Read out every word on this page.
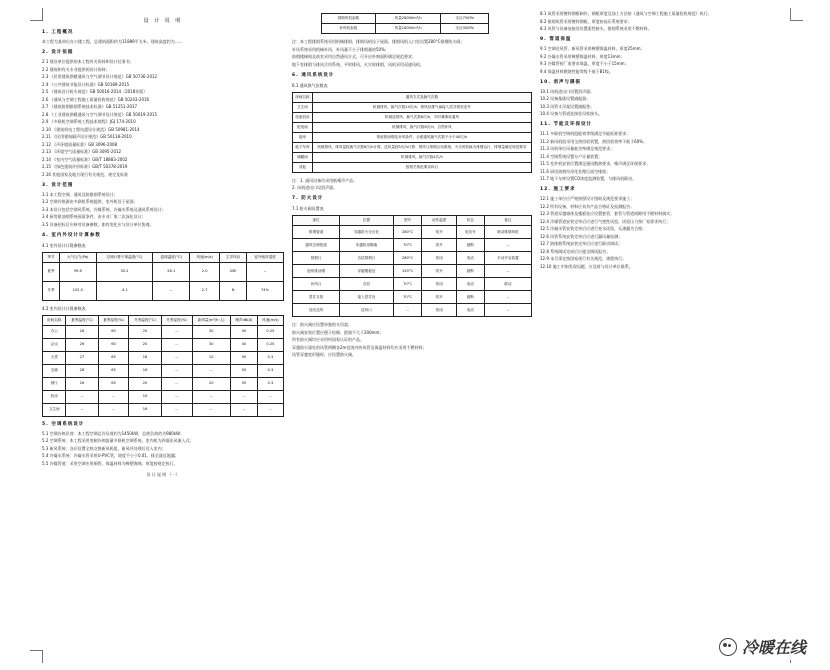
设 计 说 明
1. 工程概况
本工程为某单位办公楼工程，总建筑面积约为11889平方米，建筑高度约为……
2. 设计依据
2.1 建设单位提供的本工程有关资料和设计任务书；
2.2 建筑和有关专业提供的设计资料；
2.3 《民用建筑供暖通风与空气调节设计规范》GB 50736-2012
2.4 《公共建筑节能设计标准》GB 50189-2015
2.5 《建筑设计防火规范》GB 50016-2014（2018年版）
2.6 《通风与空调工程施工质量验收规范》GB 50243-2016
2.7 《建筑防烟排烟系统技术标准》GB 51251-2017
2.8 《工业建筑供暖通风与空气调节设计规范》GB 50019-2015
2.9 《多联机空调系统工程技术规程》JGJ 174-2010
2.10 《建筑机电工程抗震设计规范》GB 50981-2014
2.11 《民用建筑隔声设计规范》GB 50118-2010
2.12 《声环境质量标准》GB 3096-2008
2.13 《环境空气质量标准》GB 3095-2012
2.14 《室内空气质量标准》GB/T 18883-2002
2.15 《绿色建筑评价标准》GB/T 50378-2019
2.16 其他国家及地方现行有关规范、规定及标准
3. 设计范围
3.1 本工程空调、通风及防排烟系统设计；
3.2 空调冷热源由多联机系统提供，室外机设于屋面；
3.3 本设计包括空调风系统、冷媒系统、冷凝水系统及通风系统设计；
3.4 厨房排油烟系统预留条件，由专业厂家二次深化设计；
3.5 设备招标后应核对设备参数，如有变化应与设计单位协商。
4. 室内外设计计算参数
4.1 室外设计计算参数表
季节	大气压力(Pa)	空调计算干球温度(°C)	湿球温度(°C)	风速(m/s)	主导风向	室外相对湿度
夏季	99.8	35.2	28.1	2.0	SSE	--
冬季	102.0	-4.1	--	2.7	N	74%
4.2 室内设计计算参数表
房间名称	夏季温度(°C)	夏季湿度(%)	冬季温度(°C)	冬季湿度(%)	新风量(m³/h·人)	噪声dB(A)	风速(m/s)
办公	26	60	20	--	30	45	0.25
会议	26	60	20	--	30	40	0.25
大堂	27	65	18	--	10	50	0.3
走廊	28	65	16	--	--	50	0.3
餐厅	26	65	20	--	20	50	0.3
机房	--	--	10	--	--	--	--
卫生间	--	--	16	--	--	--	--
5. 空调系统设计
5.1 空调冷热负荷：本工程空调总冷负荷约为1450kW，总热负荷约为980kW；
5.2 空调系统：本工程采用变制冷剂流量多联机空调系统，室内机为四面出风嵌入式；
5.3 新风系统：各层设置全热交换新风机组，新风经处理后送入室内；
5.4 冷凝水系统：冷凝水管采用U-PVC管，坡度不小于0.01，排至就近地漏；
5.5 冷媒管道：采用空调专用铜管，保温材料为橡塑海绵，厚度按规定执行。
设 计 说 明 （一）
排烟风机参数	风量28000m³/h	全压750Pa
补风机参数	风量18000m³/h	全压350Pa
注：本工程排烟系统采用机械排烟，排烟风机设于屋面，排烟风机入口处设置280°C排烟防火阀；
补风系统采用机械补风，补风量不小于排烟量的50%；
防烟楼梯间及前室采用自然通风方式，可开启外窗面积满足规范要求；
地下室排烟与排风合用系统，平时排风，火灾时排烟，风机采用双速风机。
6. 通风系统设计
6.1 通风换气次数表
房间名称	通风方式及换气次数
卫生间	机械排风，换气次数10次/h，排风经排气扇接入竖井排至室外
设备机房	机械送排风，换气次数6次/h，平时兼事故通风
配电间	机械排风，换气次数6次/h，自然补风
厨房	预留排油烟及补风条件，全面通风换气次数不小于40次/h
地下车库	机械排风，排风量按换气次数6次/h计算，送风量按5次/h计算；排风与排烟合用系统，火灾时转换为排烟运行，排烟量满足规范要求
储藏间	机械排风，换气次数4次/h
其他	按相关规范要求执行
注：1. 通风设备均采用低噪声产品；
2. 风机进出口设消声器。
7. 防火设计
7.1 防火阀设置表
部位	位置	型号	动作温度	状态	备注
排烟管道	穿越防火分区处	280°C	常开	电信号	联动排烟风机
通风空调管道	穿越机房隔墙	70°C	常开	熔断	--
排烟口	各层排烟口	280°C	常闭	电动	手动开启装置
厨房排油烟	穿越楼板处	150°C	常开	熔断	--
补风口	各层	70°C	常闭	电动	联动
竖井支管	接入竖井处	70°C	常开	熔断	--
加压送风	送风口	--	常闭	电动	--
注：防火阀应设置单独的支吊架；
防火阀安装位置应便于检修，距墙不大于200mm；
所有防火阀均应采用经国家认证的产品。
穿越防火墙处的风管两侧各2m范围内的风管及保温材料均应采用不燃材料；
风管穿越变形缝时，应设置防火阀。
8.1 风管采用镀锌钢板制作，钢板厚度及加工方法按《通风与空调工程施工质量验收规范》执行；
8.2 排烟风管采用镀锌钢板，厚度按高压系统要求；
8.3 风管与设备连接处设置柔性接头，排烟系统采用不燃材料。
9. 管道保温
9.1 空调送风管、新风管采用橡塑保温材料，厚度25mm；
9.2 冷凝水管采用橡塑保温材料，厚度13mm；
9.3 冷媒管按厂家要求保温，厚度不小于15mm；
9.4 保温材料燃烧性能等级不低于B1级。
10. 消声与隔振
10.1 风机进出口设置消声器；
10.2 设备基础设置减振器；
10.3 风管支吊架设置减振垫；
10.4 设备与管道连接处设软接头。
11. 节能及环保设计
11.1 多联机空调机组能效等级满足节能标准要求；
11.2 新风机组采用全热回收装置，热回收效率不低于60%；
11.3 风机单位风量耗功率满足规范要求；
11.4 空调系统设置分户计量装置；
11.5 室外机安装位置满足通风散热要求，噪声满足环保要求；
11.6 厨房油烟经净化处理后高空排放；
11.7 地下车库设置CO浓度监测装置，与排风机联动。
12. 施工要求
12.1 施工单位应严格按照设计图纸及规范要求施工；
12.2 所有设备、材料应具有产品合格证及检测报告；
12.3 管道穿越墙体及楼板处应设置套管，套管与管道间隙用不燃材料填实；
12.4 冷媒管道安装完毕后应进行气密性试验，试验压力按厂家要求执行；
12.5 冷凝水管安装完毕后应进行充水试验，无渗漏为合格；
12.6 风管系统安装完毕后应进行漏风量检测；
12.7 防排烟系统安装完毕后应进行联动调试；
12.8 系统调试完成后应提交调试报告；
12.9 未尽事宜按国家现行有关规范、规程执行；
12.10 施工中如发现问题，应及时与设计单位联系。
冷暖在线
